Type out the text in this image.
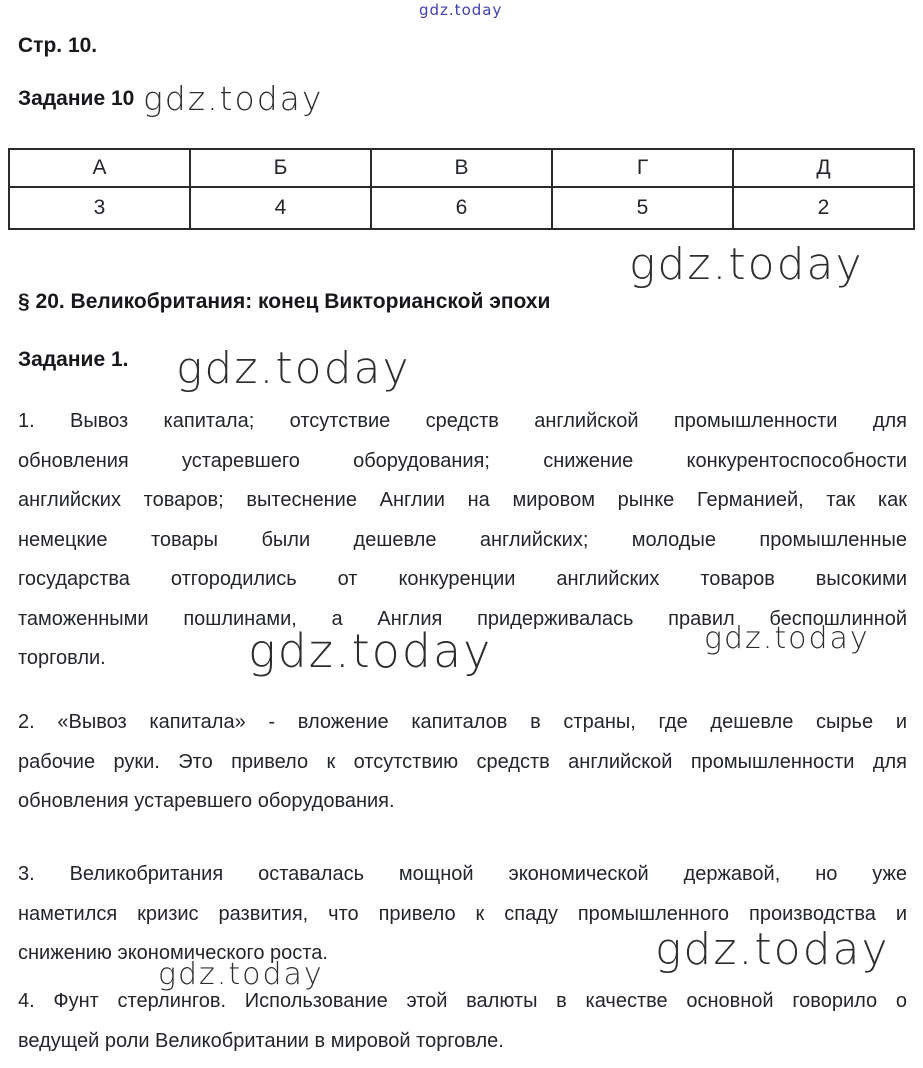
gdz.today
gdz.today
gdz.today
gdz.today
gdz.today	gdz.today
gdz.today
gdz.today
Стр. 10.
Задание 10
А	Б	В	Г	Д
3	4	6	5	2
§ 20. Великобритания: конец Викторианской эпохи
Задание 1.
1. Вывоз капитала; отсутствие средств английской промышленности для
обновления устаревшего оборудования; снижение конкурентоспособности
английских товаров; вытеснение Англии на мировом рынке Германией, так как
немецкие товары были дешевле английских; молодые промышленные
государства отгородились от конкуренции английских товаров высокими
таможенными пошлинами, а Англия придерживалась правил беспошлинной
торговли.
2. «Вывоз капитала» - вложение капиталов в страны, где дешевле сырье и
рабочие руки. Это привело к отсутствию средств английской промышленности для
обновления устаревшего оборудования.
3. Великобритания оставалась мощной экономической державой, но уже
наметился кризис развития, что привело к спаду промышленного производства и
снижению экономического роста.
4. Фунт стерлингов. Использование этой валюты в качестве основной говорило о
ведущей роли Великобритании в мировой торговле.
